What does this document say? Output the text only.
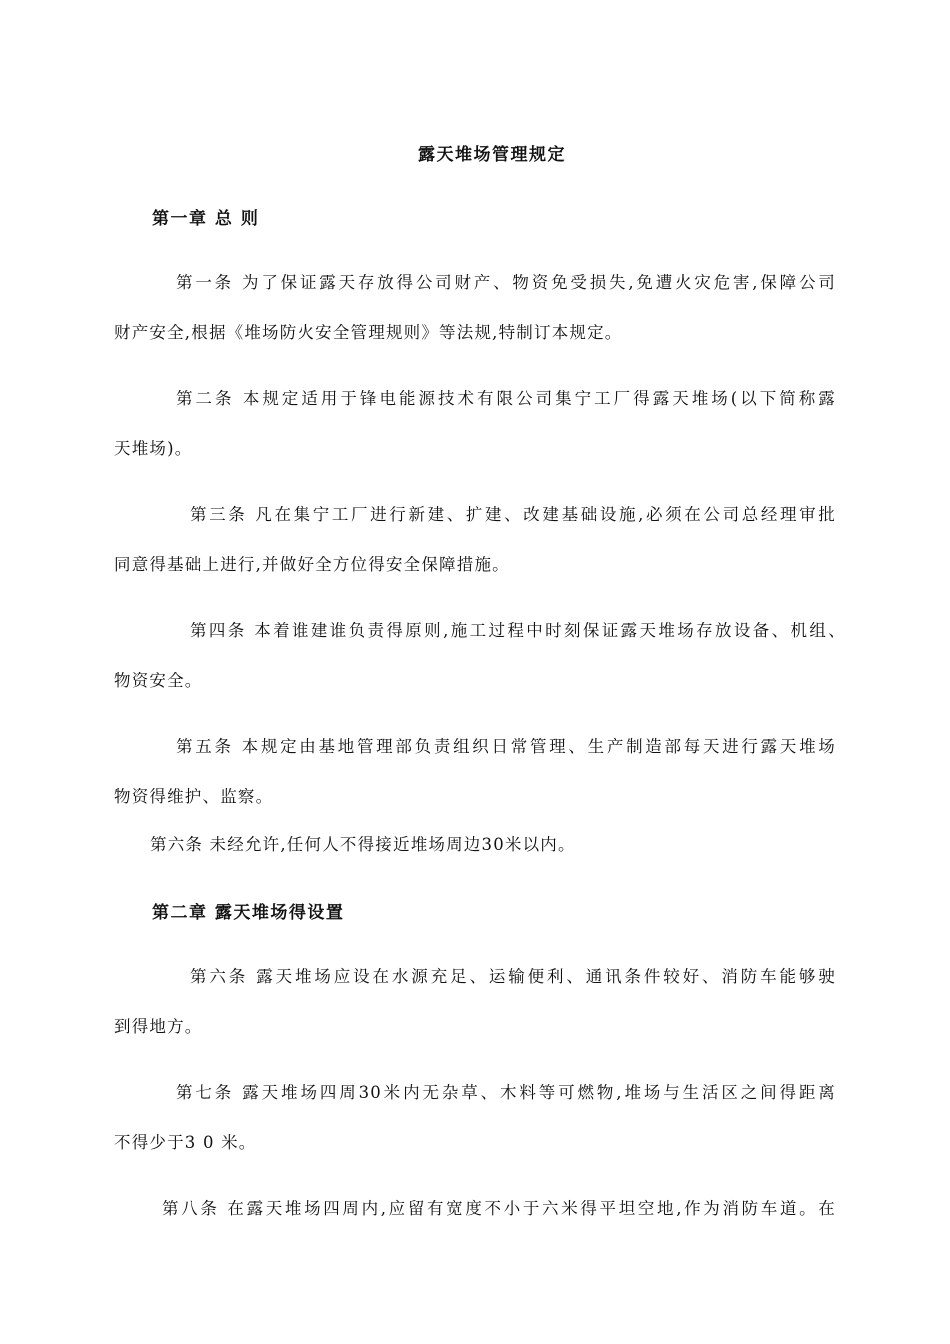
露天堆场管理规定
第一章 总 则
第一条 为了保证露天存放得公司财产、物资免受损失,免遭火灾危害,保障公司
财产安全,根据《堆场防火安全管理规则》等法规,特制订本规定。
第二条 本规定适用于锋电能源技术有限公司集宁工厂得露天堆场(以下简称露
天堆场)。
第三条 凡在集宁工厂进行新建、扩建、改建基础设施,必须在公司总经理审批
同意得基础上进行,并做好全方位得安全保障措施。
第四条 本着谁建谁负责得原则,施工过程中时刻保证露天堆场存放设备、机组、
物资安全。
第五条 本规定由基地管理部负责组织日常管理、生产制造部每天进行露天堆场
物资得维护、监察。
第六条 未经允许,任何人不得接近堆场周边30米以内。
第二章 露天堆场得设置
第六条 露天堆场应设在水源充足、运输便利、通讯条件较好、消防车能够驶
到得地方。
第七条 露天堆场四周30米内无杂草、木料等可燃物,堆场与生活区之间得距离
不得少于3 0 米。
第八条 在露天堆场四周内,应留有宽度不小于六米得平坦空地,作为消防车道。在
